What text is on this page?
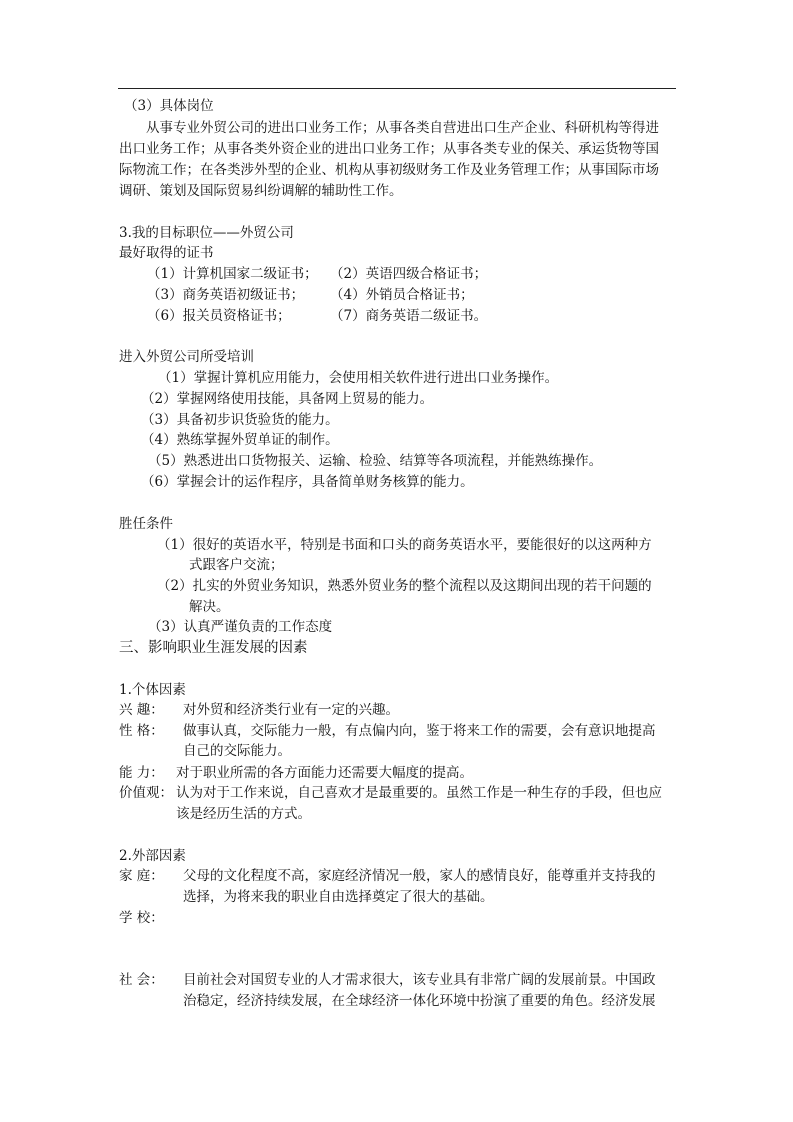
（3）具体岗位
从事专业外贸公司的进出口业务工作；从事各类自营进出口生产企业、科研机构等得进
出口业务工作；从事各类外资企业的进出口业务工作；从事各类专业的保关、承运货物等国
际物流工作；在各类涉外型的企业、机构从事初级财务工作及业务管理工作；从事国际市场
调研、策划及国际贸易纠纷调解的辅助性工作。
3.我的目标职位——外贸公司
最好取得的证书
（1）计算机国家二级证书； （2）英语四级合格证书；
（3）商务英语初级证书； （4）外销员合格证书；
（6）报关员资格证书；	（7）商务英语二级证书。
进入外贸公司所受培训
（1）掌握计算机应用能力，会使用相关软件进行进出口业务操作。
（2）掌握网络使用技能，具备网上贸易的能力。
（3）具备初步识货验货的能力。
（4）熟练掌握外贸单证的制作。
（5）熟悉进出口货物报关、运输、检验、结算等各项流程，并能熟练操作。
（6）掌握会计的运作程序，具备简单财务核算的能力。
胜任条件
（1）很好的英语水平，特别是书面和口头的商务英语水平，要能很好的以这两种方
式跟客户交流；
（2）扎实的外贸业务知识，熟悉外贸业务的整个流程以及这期间出现的若干问题的
解决。
（3）认真严谨负责的工作态度
三、影响职业生涯发展的因素
1.个体因素
兴 趣： 对外贸和经济类行业有一定的兴趣。
性 格： 做事认真，交际能力一般，有点偏内向，鉴于将来工作的需要，会有意识地提高
自己的交际能力。
能 力： 对于职业所需的各方面能力还需要大幅度的提高。
价值观： 认为对于工作来说，自己喜欢才是最重要的。虽然工作是一种生存的手段，但也应
该是经历生活的方式。
2.外部因素
家 庭： 父母的文化程度不高，家庭经济情况一般，家人的感情良好，能尊重并支持我的
选择，为将来我的职业自由选择奠定了很大的基础。
学 校：
社 会： 目前社会对国贸专业的人才需求很大，该专业具有非常广阔的发展前景。中国政
治稳定，经济持续发展，在全球经济一体化环境中扮演了重要的角色。经济发展
